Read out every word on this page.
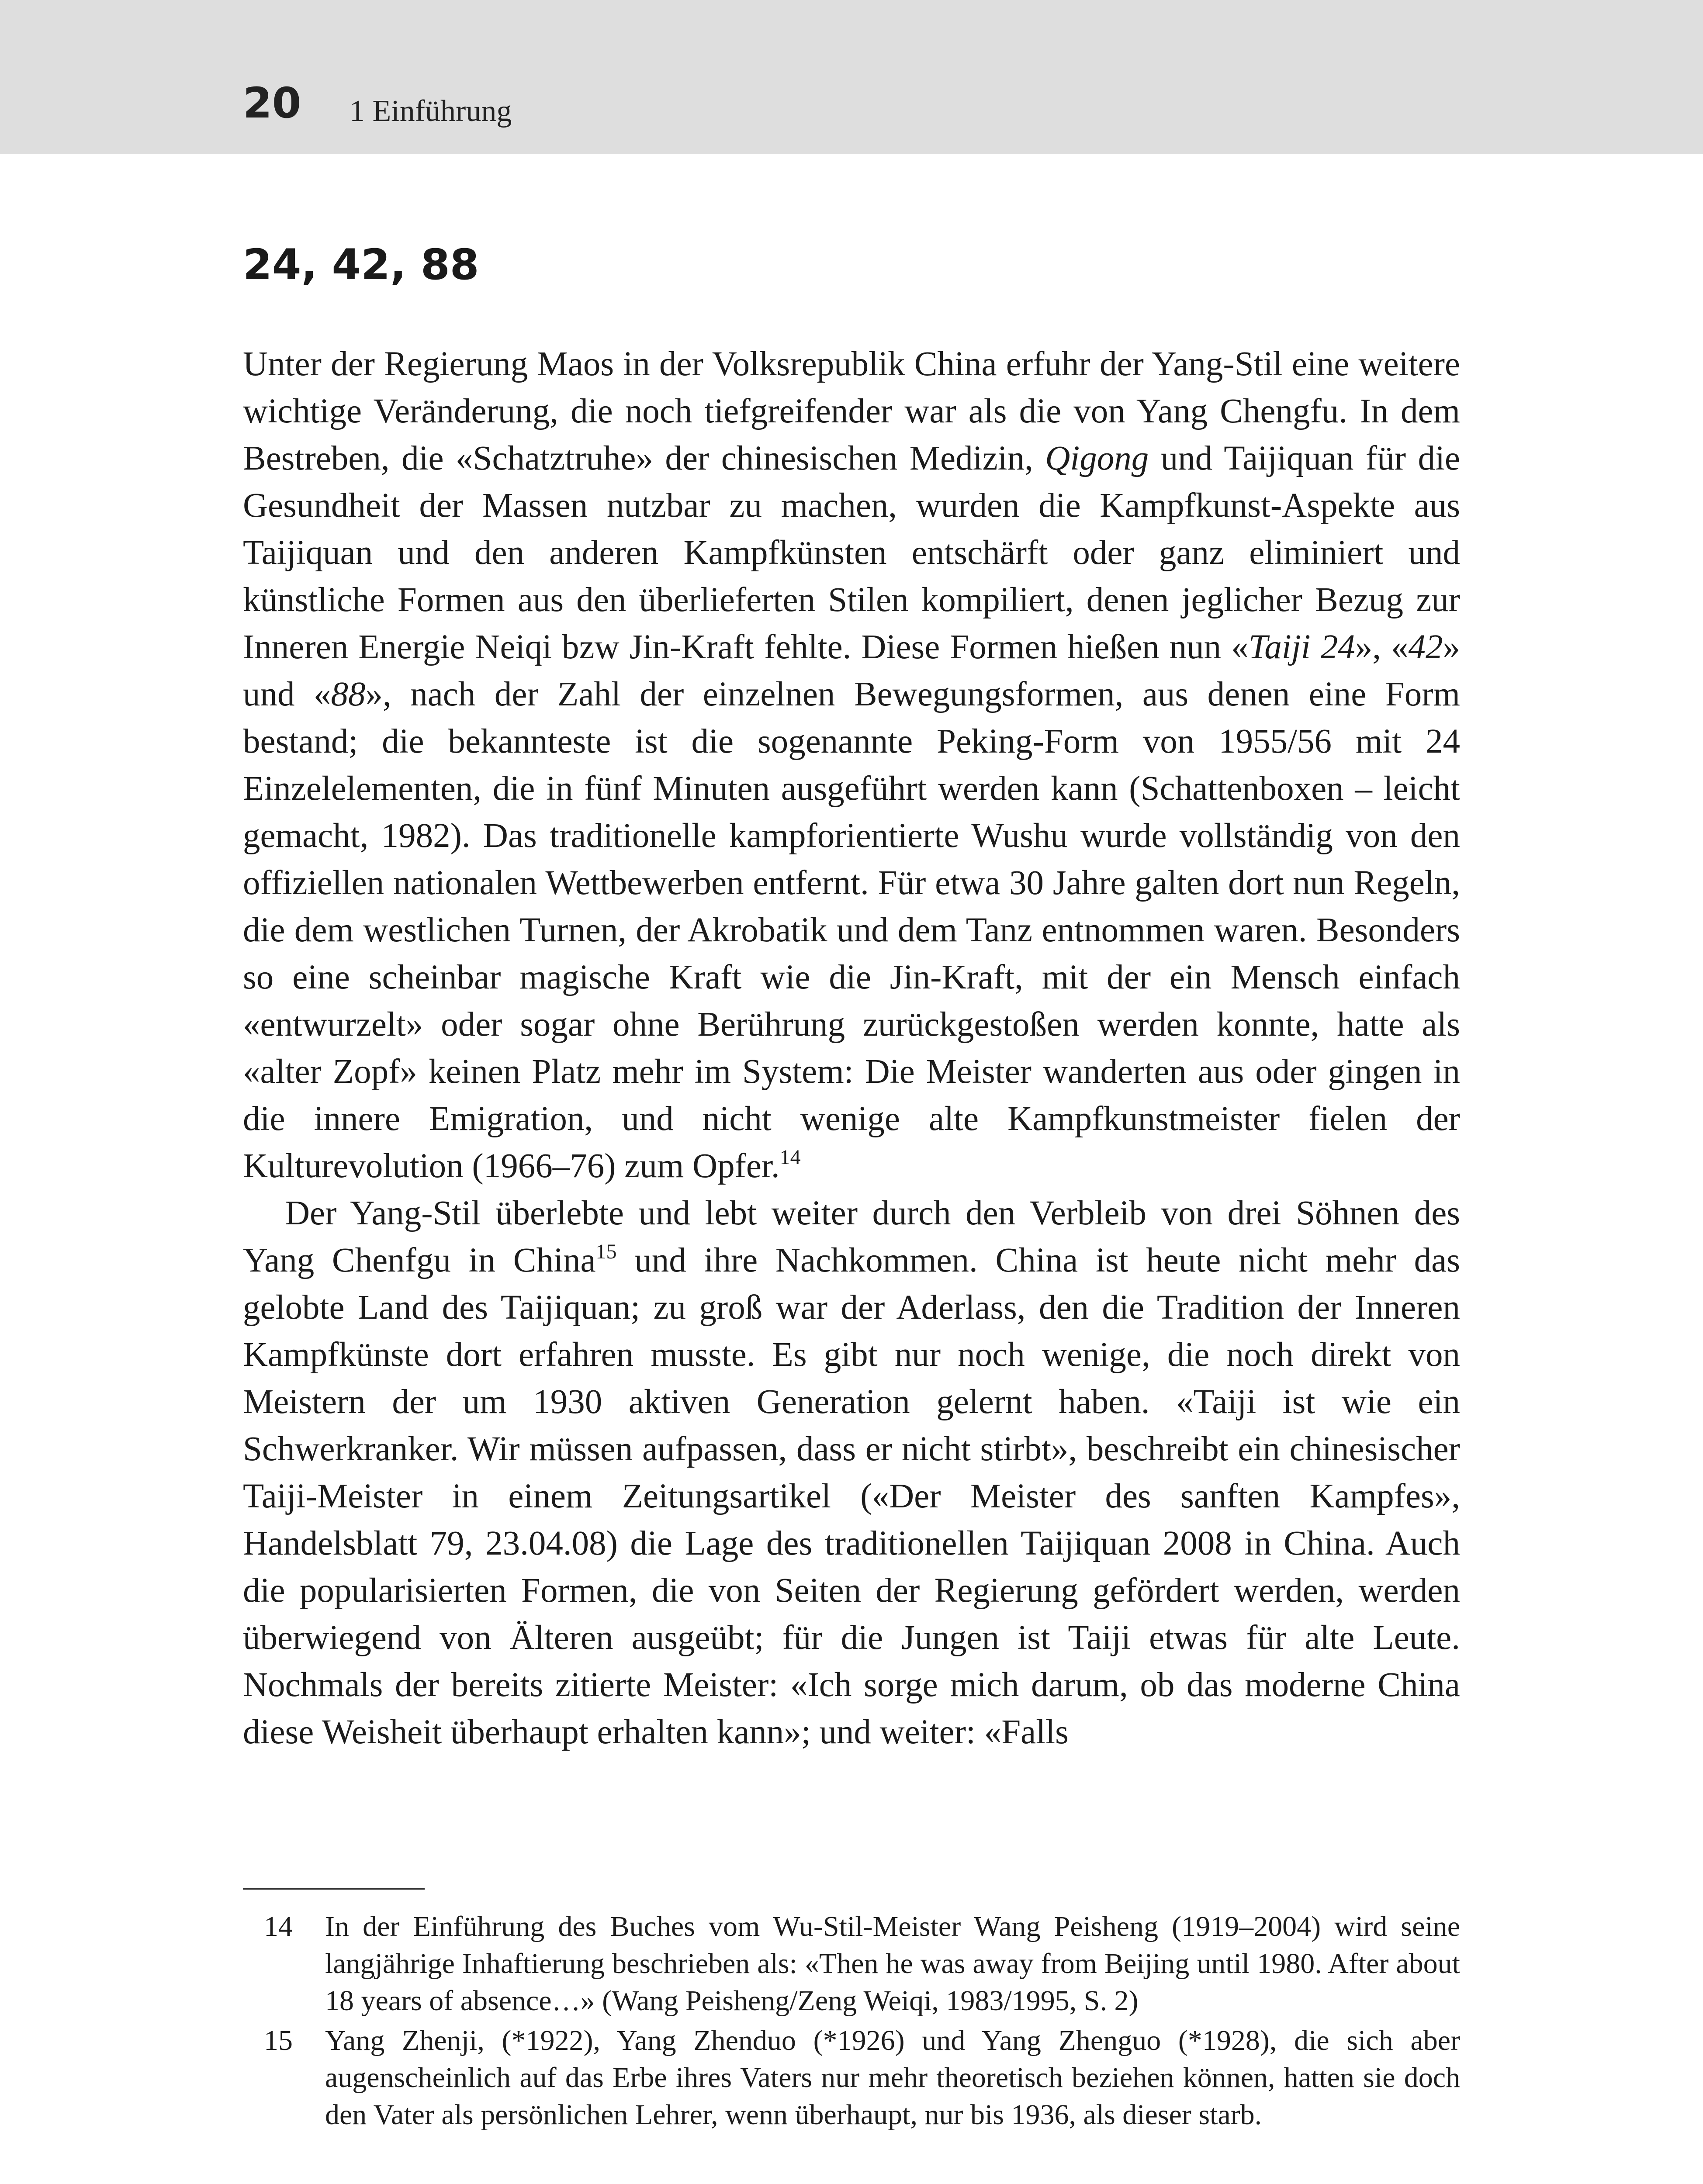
20 1 Einführung
24, 42, 88

Unter der Regierung Maos in der Volksrepublik China erfuhr der Yang-Stil eine weitere wichtige Veränderung, die noch tiefgreifender war als die von Yang Chengfu. In dem Bestreben, die «Schatztruhe» der chinesischen Medizin, Qigong und Taijiquan für die Gesundheit der Massen nutzbar zu machen, wurden die Kampfkunst-Aspekte aus Taijiquan und den anderen Kampfkünsten entschärft oder ganz eliminiert und künstliche Formen aus den überlieferten Stilen kompiliert, denen jeglicher Bezug zur Inneren Energie Neiqi bzw Jin-Kraft fehlte. Diese Formen hießen nun «Taiji 24», «42» und «88», nach der Zahl der einzelnen Bewegungsformen, aus denen eine Form bestand; die bekannteste ist die sogenannte Peking-Form von 1955/56 mit 24 Einzelelementen, die in fünf Minuten ausgeführt werden kann (Schattenboxen – leicht gemacht, 1982). Das traditionelle kampforientierte Wushu wurde vollständig von den offiziellen nationalen Wettbewerben entfernt. Für etwa 30 Jahre galten dort nun Regeln, die dem westlichen Turnen, der Akrobatik und dem Tanz entnommen waren. Besonders so eine scheinbar magische Kraft wie die Jin-Kraft, mit der ein Mensch einfach «entwurzelt» oder sogar ohne Berührung zurückgestoßen werden konnte, hatte als «alter Zopf» keinen Platz mehr im System: Die Meister wanderten aus oder gingen in die innere Emigration, und nicht wenige alte Kampfkunstmeister fielen der Kulturevolution (1966–76) zum Opfer.$^{14}$

Der Yang-Stil überlebte und lebt weiter durch den Verbleib von drei Söhnen des Yang Chenfgu in China$^{15}$ und ihre Nachkommen. China ist heute nicht mehr das gelobte Land des Taijiquan; zu groß war der Aderlass, den die Tradition der Inneren Kampfkünste dort erfahren musste. Es gibt nur noch wenige, die noch direkt von Meistern der um 1930 aktiven Generation gelernt haben. «Taiji ist wie ein Schwerkranker. Wir müssen aufpassen, dass er nicht stirbt», beschreibt ein chinesischer Taiji-Meister in einem Zeitungsartikel («Der Meister des sanften Kampfes», Handelsblatt 79, 23.04.08) die Lage des traditionellen Taijiquan 2008 in China. Auch die popularisierten Formen, die von Seiten der Regierung gefördert werden, werden überwiegend von Älteren ausgeübt; für die Jungen ist Taiji etwas für alte Leute. Nochmals der bereits zitierte Meister: «Ich sorge mich darum, ob das moderne China diese Weisheit überhaupt erhalten kann»; und weiter: «Falls

14	In der Einführung des Buches vom Wu-Stil-Meister Wang Peisheng (1919–2004) wird seine langjährige Inhaftierung beschrieben als: «Then he was away from Beijing until 1980. After about 18 years of absence…» (Wang Peisheng/Zeng Weiqi, 1983/1995, S. 2)
15	Yang Zhenji, (*1922), Yang Zhenduo (*1926) und Yang Zhenguo (*1928), die sich aber augenscheinlich auf das Erbe ihres Vaters nur mehr theoretisch beziehen können, hatten sie doch den Vater als persönlichen Lehrer, wenn überhaupt, nur bis 1936, als dieser starb.
